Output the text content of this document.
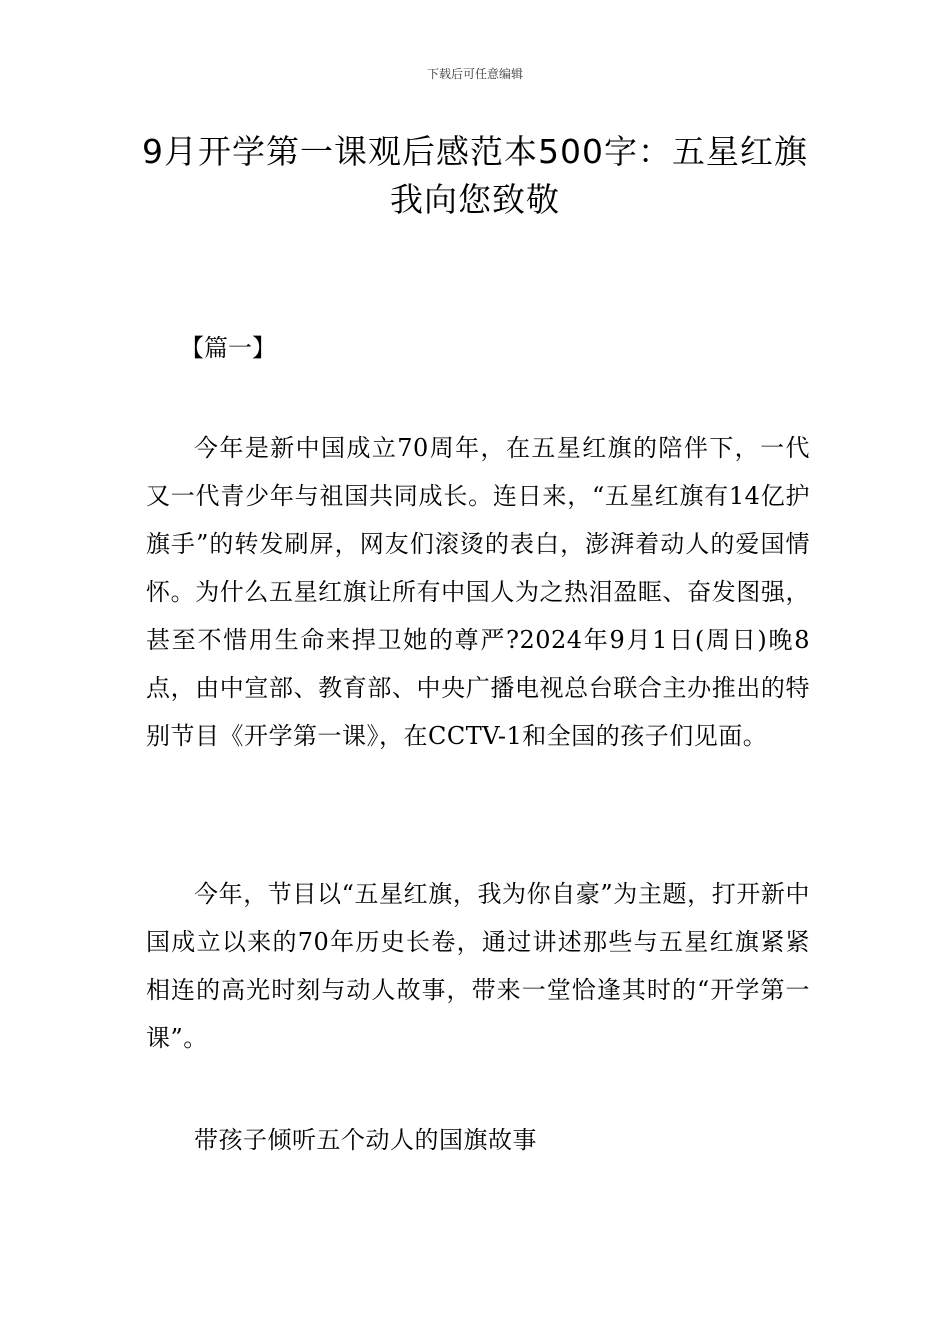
下载后可任意编辑
9月开学第一课观后感范本500字：五星红旗 我向您致敬
【篇一】

今年是新中国成立70周年，在五星红旗的陪伴下，一代又一代青少年与祖国共同成长。连日来，“五星红旗有14亿护旗手”的转发刷屏，网友们滚烫的表白，澎湃着动人的爱国情怀。为什么五星红旗让所有中国人为之热泪盈眶、奋发图强，甚至不惜用生命来捍卫她的尊严?2024年9月1日(周日)晚8点，由中宣部、教育部、中央广播电视总台联合主办推出的特别节目《开学第一课》，在CCTV-1和全国的孩子们见面。

今年，节目以“五星红旗，我为你自豪”为主题，打开新中国成立以来的70年历史长卷，通过讲述那些与五星红旗紧紧相连的高光时刻与动人故事，带来一堂恰逢其时的“开学第一课”。

带孩子倾听五个动人的国旗故事
